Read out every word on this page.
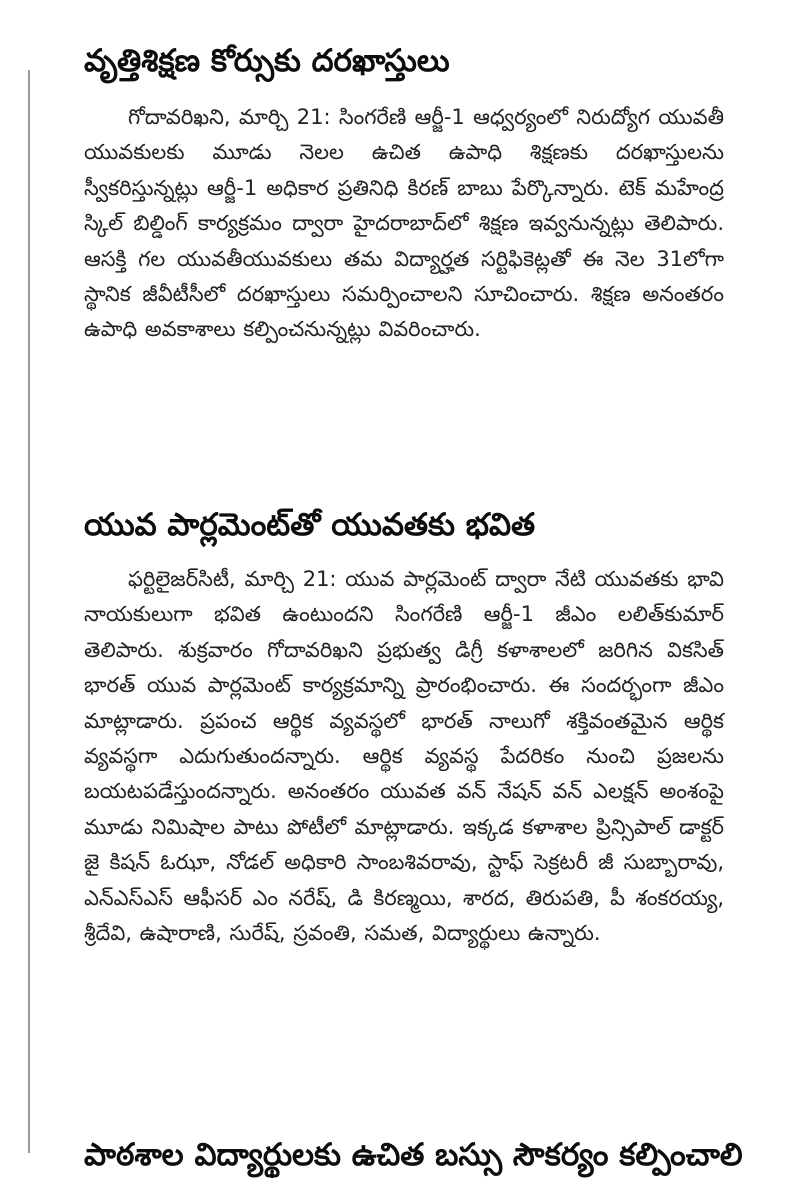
వృత్తిశిక్షణ కోర్సుకు దరఖాస్తులు

గోదావరిఖని, మార్చి 21: సింగరేణి ఆర్జీ-1 ఆధ్వర్యంలో నిరుద్యోగ యువతీ యువకులకు మూడు నెలల ఉచిత ఉపాధి శిక్షణకు దరఖాస్తులను స్వీకరిస్తున్నట్లు ఆర్జీ-1 అధికార ప్రతినిధి కిరణ్ బాబు పేర్కొన్నారు. టెక్ మహేంద్ర స్కిల్ బిల్డింగ్ కార్యక్రమం ద్వారా హైదరాబాద్‌లో శిక్షణ ఇవ్వనున్నట్లు తెలిపారు. ఆసక్తి గల యువతీయువకులు తమ విద్యార్హత సర్టిఫికెట్లతో ఈ నెల 31లోగా స్థానిక జీవీటీసీలో దరఖాస్తులు సమర్పించాలని సూచించారు. శిక్షణ అనంతరం ఉపాధి అవకాశాలు కల్పించనున్నట్లు వివరించారు.

యువ పార్లమెంట్‌తో యువతకు భవిత

ఫర్టిలైజర్‌సిటీ, మార్చి 21: యువ పార్లమెంట్ ద్వారా నేటి యువతకు భావి నాయకులుగా భవిత ఉంటుందని సింగరేణి ఆర్జీ-1 జీఎం లలిత్‌కుమార్ తెలిపారు. శుక్రవారం గోదావరిఖని ప్రభుత్వ డిగ్రీ కళాశాలలో జరిగిన వికసిత్ భారత్ యువ పార్లమెంట్ కార్యక్రమాన్ని ప్రారంభించారు. ఈ సందర్భంగా జీఎం మాట్లాడారు. ప్రపంచ ఆర్థిక వ్యవస్థలో భారత్ నాలుగో శక్తివంతమైన ఆర్థిక వ్యవస్థగా ఎదుగుతుందన్నారు. ఆర్థిక వ్యవస్థ పేదరికం నుంచి ప్రజలను బయటపడేస్తుందన్నారు. అనంతరం యువత వన్ నేషన్ వన్ ఎలక్షన్ అంశంపై మూడు నిమిషాల పాటు పోటీలో మాట్లాడారు. ఇక్కడ కళాశాల ప్రిన్సిపాల్ డాక్టర్ జై కిషన్ ఓఝా, నోడల్ అధికారి సాంబశివరావు, స్టాఫ్ సెక్రటరీ జీ సుబ్బారావు, ఎన్ఎస్ఎస్ ఆఫీసర్ ఎం నరేష్, డి కిరణ్మయి, శారద, తిరుపతి, పీ శంకరయ్య, శ్రీదేవి, ఉషారాణి, సురేష్, స్రవంతి, సమత, విద్యార్థులు ఉన్నారు.

పాఠశాల విద్యార్థులకు ఉచిత బస్సు సౌకర్యం కల్పించాలి
